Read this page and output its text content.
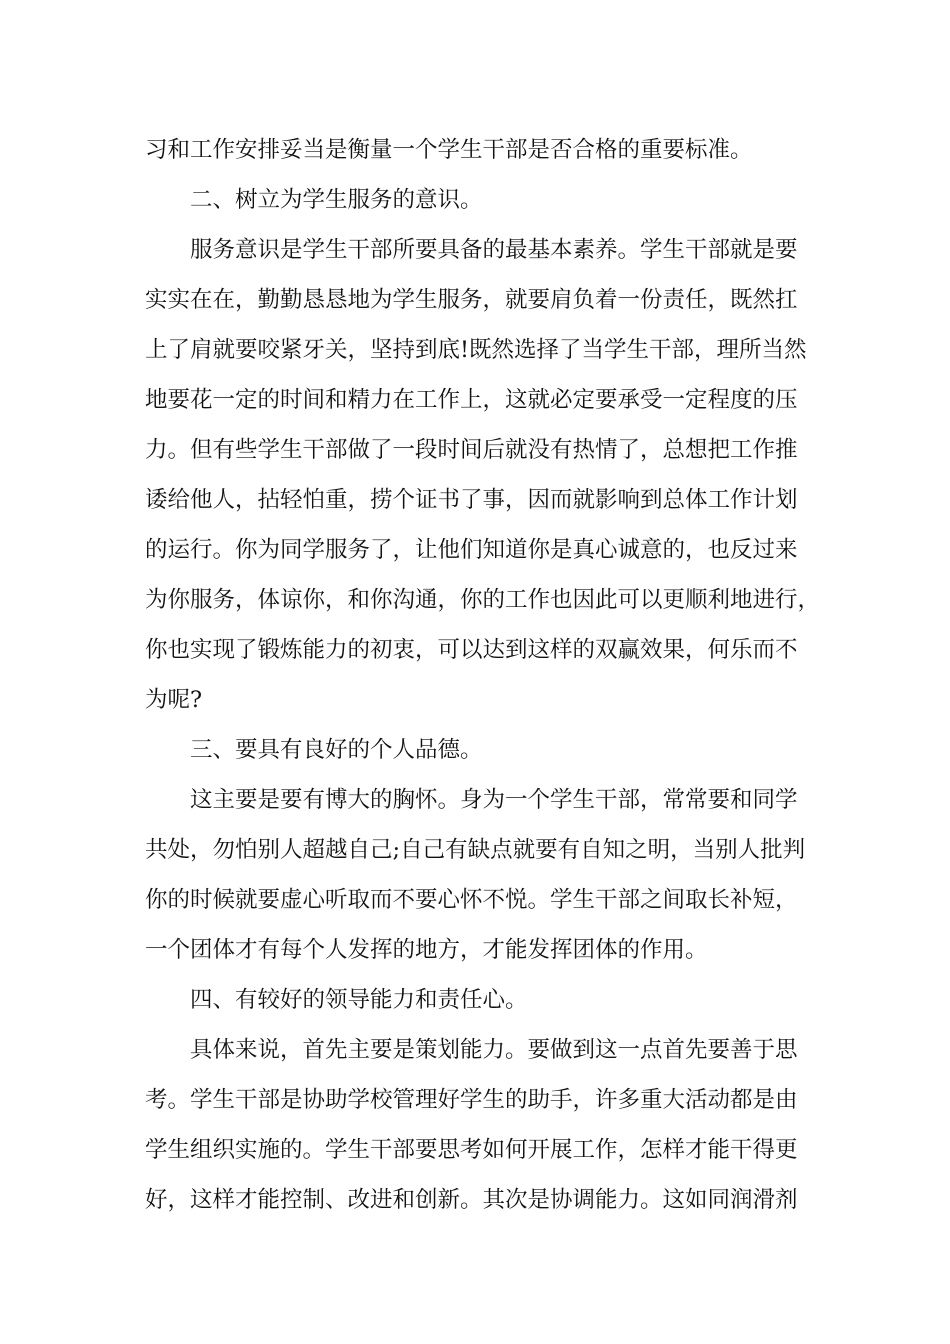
习和工作安排妥当是衡量一个学生干部是否合格的重要标准。
二、树立为学生服务的意识。
服务意识是学生干部所要具备的最基本素养。学生干部就是要
实实在在，勤勤恳恳地为学生服务，就要肩负着一份责任，既然扛
上了肩就要咬紧牙关，坚持到底!既然选择了当学生干部，理所当然
地要花一定的时间和精力在工作上，这就必定要承受一定程度的压
力。但有些学生干部做了一段时间后就没有热情了，总想把工作推
诿给他人，拈轻怕重，捞个证书了事，因而就影响到总体工作计划
的运行。你为同学服务了，让他们知道你是真心诚意的，也反过来
为你服务，体谅你，和你沟通，你的工作也因此可以更顺利地进行，
你也实现了锻炼能力的初衷，可以达到这样的双赢效果，何乐而不
为呢?
三、要具有良好的个人品德。
这主要是要有博大的胸怀。身为一个学生干部，常常要和同学
共处，勿怕别人超越自己;自己有缺点就要有自知之明，当别人批判
你的时候就要虚心听取而不要心怀不悦。学生干部之间取长补短，
一个团体才有每个人发挥的地方，才能发挥团体的作用。
四、有较好的领导能力和责任心。
具体来说，首先主要是策划能力。要做到这一点首先要善于思
考。学生干部是协助学校管理好学生的助手，许多重大活动都是由
学生组织实施的。学生干部要思考如何开展工作，怎样才能干得更
好，这样才能控制、改进和创新。其次是协调能力。这如同润滑剂
